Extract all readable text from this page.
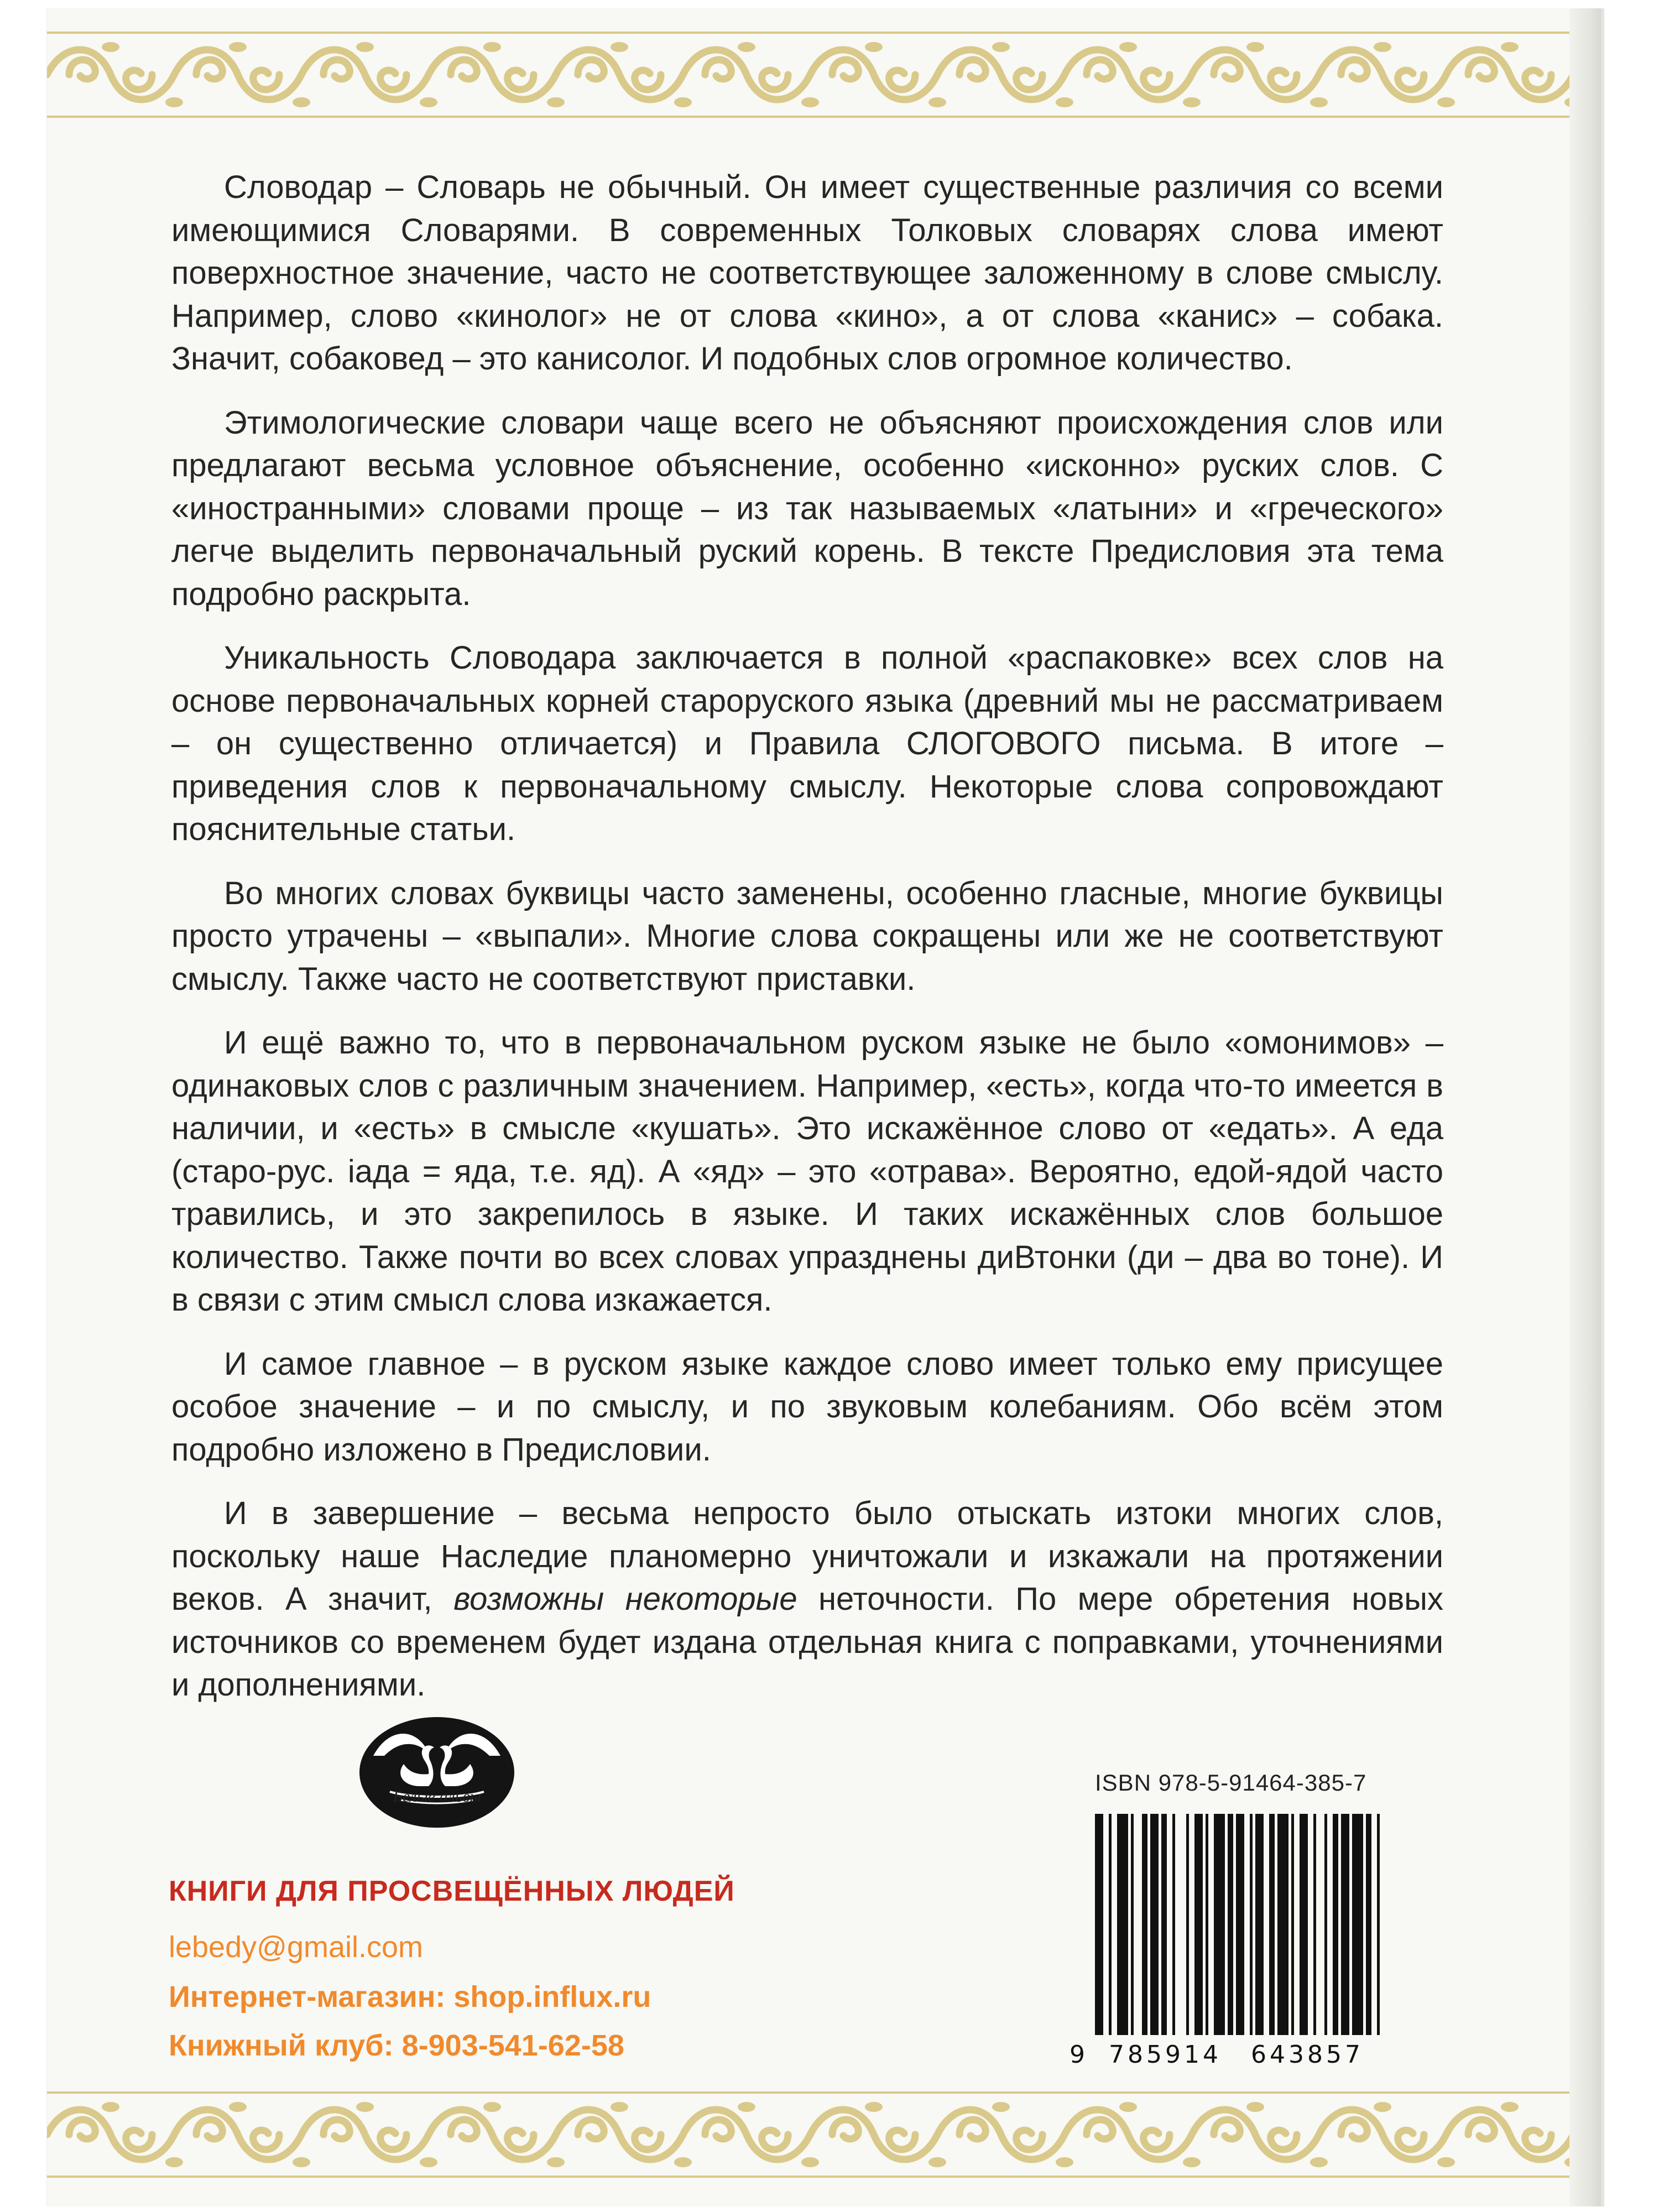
Словодар – Словарь не обычный. Он имеет существенные различия со всеми имеющимися Словарями. В современных Толковых словарях слова имеют поверхностное значение, часто не соответствующее заложенному в слове смыслу. Например, слово «кинолог» не от слова «кино», а от слова «канис» – собака. Значит, собаковед – это канисолог. И подобных слов огромное количество.

Этимологические словари чаще всего не объясняют происхождения слов или предлагают весьма условное объяснение, особенно «исконно» руских слов. С «иностранными» словами проще – из так называемых «латыни» и «греческого» легче выделить первоначальный руский корень. В тексте Предисловия эта тема подробно раскрыта.

Уникальность Словодара заключается в полной «распаковке» всех слов на основе первоначальных корней староруского языка (древний мы не рассматриваем – он существенно отличается) и Правила СЛОГОВОГО письма. В итоге – приведения слов к первоначальному смыслу. Некоторые слова сопровождают пояснительные статьи.

Во многих словах буквицы часто заменены, особенно гласные, многие буквицы просто утрачены – «выпали». Многие слова сокращены или же не соответствуют смыслу. Также часто не соответствуют приставки.

И ещё важно то, что в первоначальном руском языке не было «омонимов» – одинаковых слов с различным значением. Например, «есть», когда что-то имеется в наличии, и «есть» в смысле «кушать». Это искажённое слово от «едать». А еда (старо-рус. іада = яда, т.е. яд). А «яд» – это «отрава». Вероятно, едой-ядой часто травились, и это закрепилось в языке. И таких искажённых слов большое количество. Также почти во всех словах упразднены диВтонки (ди – два во тоне). И в связи с этим смысл слова изкажается.

И самое главное – в руском языке каждое слово имеет только ему присущее особое значение – и по смыслу, и по звуковым колебаниям. Обо всём этом подробно изложено в Предисловии.

И в завершение – весьма непросто было отыскать изтоки многих слов, поскольку наше Наследие планомерно уничтожали и изкажали на протяжении веков. А значит, возможны некоторые неточности. По мере обретения новых источников со временем будет издана отдельная книга с поправками, уточнениями и дополнениями.

Белые альвы
КНИГИ ДЛЯ ПРОСВЕЩЁННЫХ ЛЮДЕЙ
lebedy@gmail.com
Интернет-магазин: shop.influx.ru
Книжный клуб: 8-903-541-62-58
ISBN 978-5-91464-385-7
9 785914 643857
